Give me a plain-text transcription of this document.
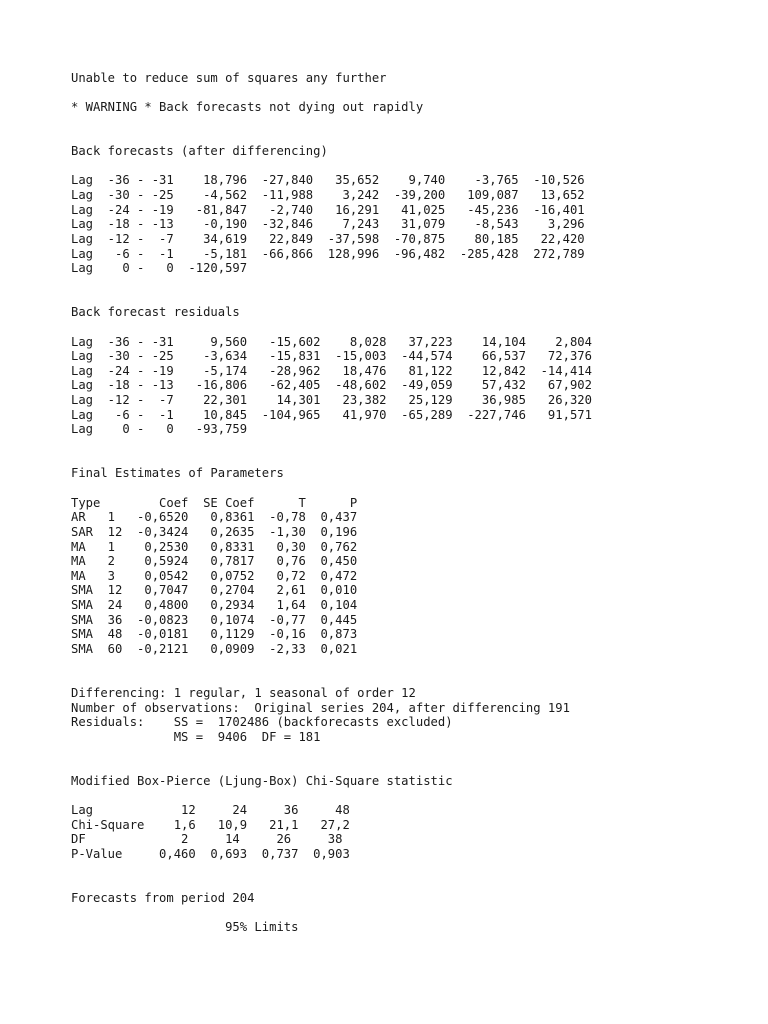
Unable to reduce sum of squares any further
* WARNING * Back forecasts not dying out rapidly
Back forecasts (after differencing)
Lag  -36 - -31    18,796  -27,840   35,652    9,740    -3,765  -10,526
Lag  -30 - -25    -4,562  -11,988    3,242  -39,200   109,087   13,652
Lag  -24 - -19   -81,847   -2,740   16,291   41,025   -45,236  -16,401
Lag  -18 - -13    -0,190  -32,846    7,243   31,079    -8,543    3,296
Lag  -12 -  -7    34,619   22,849  -37,598  -70,875    80,185   22,420
Lag   -6 -  -1    -5,181  -66,866  128,996  -96,482  -285,428  272,789
Lag    0 -   0  -120,597
Back forecast residuals
Lag  -36 - -31     9,560   -15,602    8,028   37,223    14,104    2,804
Lag  -30 - -25    -3,634   -15,831  -15,003  -44,574    66,537   72,376
Lag  -24 - -19    -5,174   -28,962   18,476   81,122    12,842  -14,414
Lag  -18 - -13   -16,806   -62,405  -48,602  -49,059    57,432   67,902
Lag  -12 -  -7    22,301    14,301   23,382   25,129    36,985   26,320
Lag   -6 -  -1    10,845  -104,965   41,970  -65,289  -227,746   91,571
Lag    0 -   0   -93,759
Final Estimates of Parameters
Type        Coef  SE Coef      T      P
AR   1   -0,6520   0,8361  -0,78  0,437
SAR  12  -0,3424   0,2635  -1,30  0,196
MA   1    0,2530   0,8331   0,30  0,762
MA   2    0,5924   0,7817   0,76  0,450
MA   3    0,0542   0,0752   0,72  0,472
SMA  12   0,7047   0,2704   2,61  0,010
SMA  24   0,4800   0,2934   1,64  0,104
SMA  36  -0,0823   0,1074  -0,77  0,445
SMA  48  -0,0181   0,1129  -0,16  0,873
SMA  60  -0,2121   0,0909  -2,33  0,021
Differencing: 1 regular, 1 seasonal of order 12
Number of observations:  Original series 204, after differencing 191
Residuals:    SS =  1702486 (backforecasts excluded)
MS =  9406  DF = 181
Modified Box-Pierce (Ljung-Box) Chi-Square statistic
Lag            12     24     36     48
Chi-Square    1,6   10,9   21,1   27,2
DF             2     14     26     38
P-Value     0,460  0,693  0,737  0,903
Forecasts from period 204
95% Limits
